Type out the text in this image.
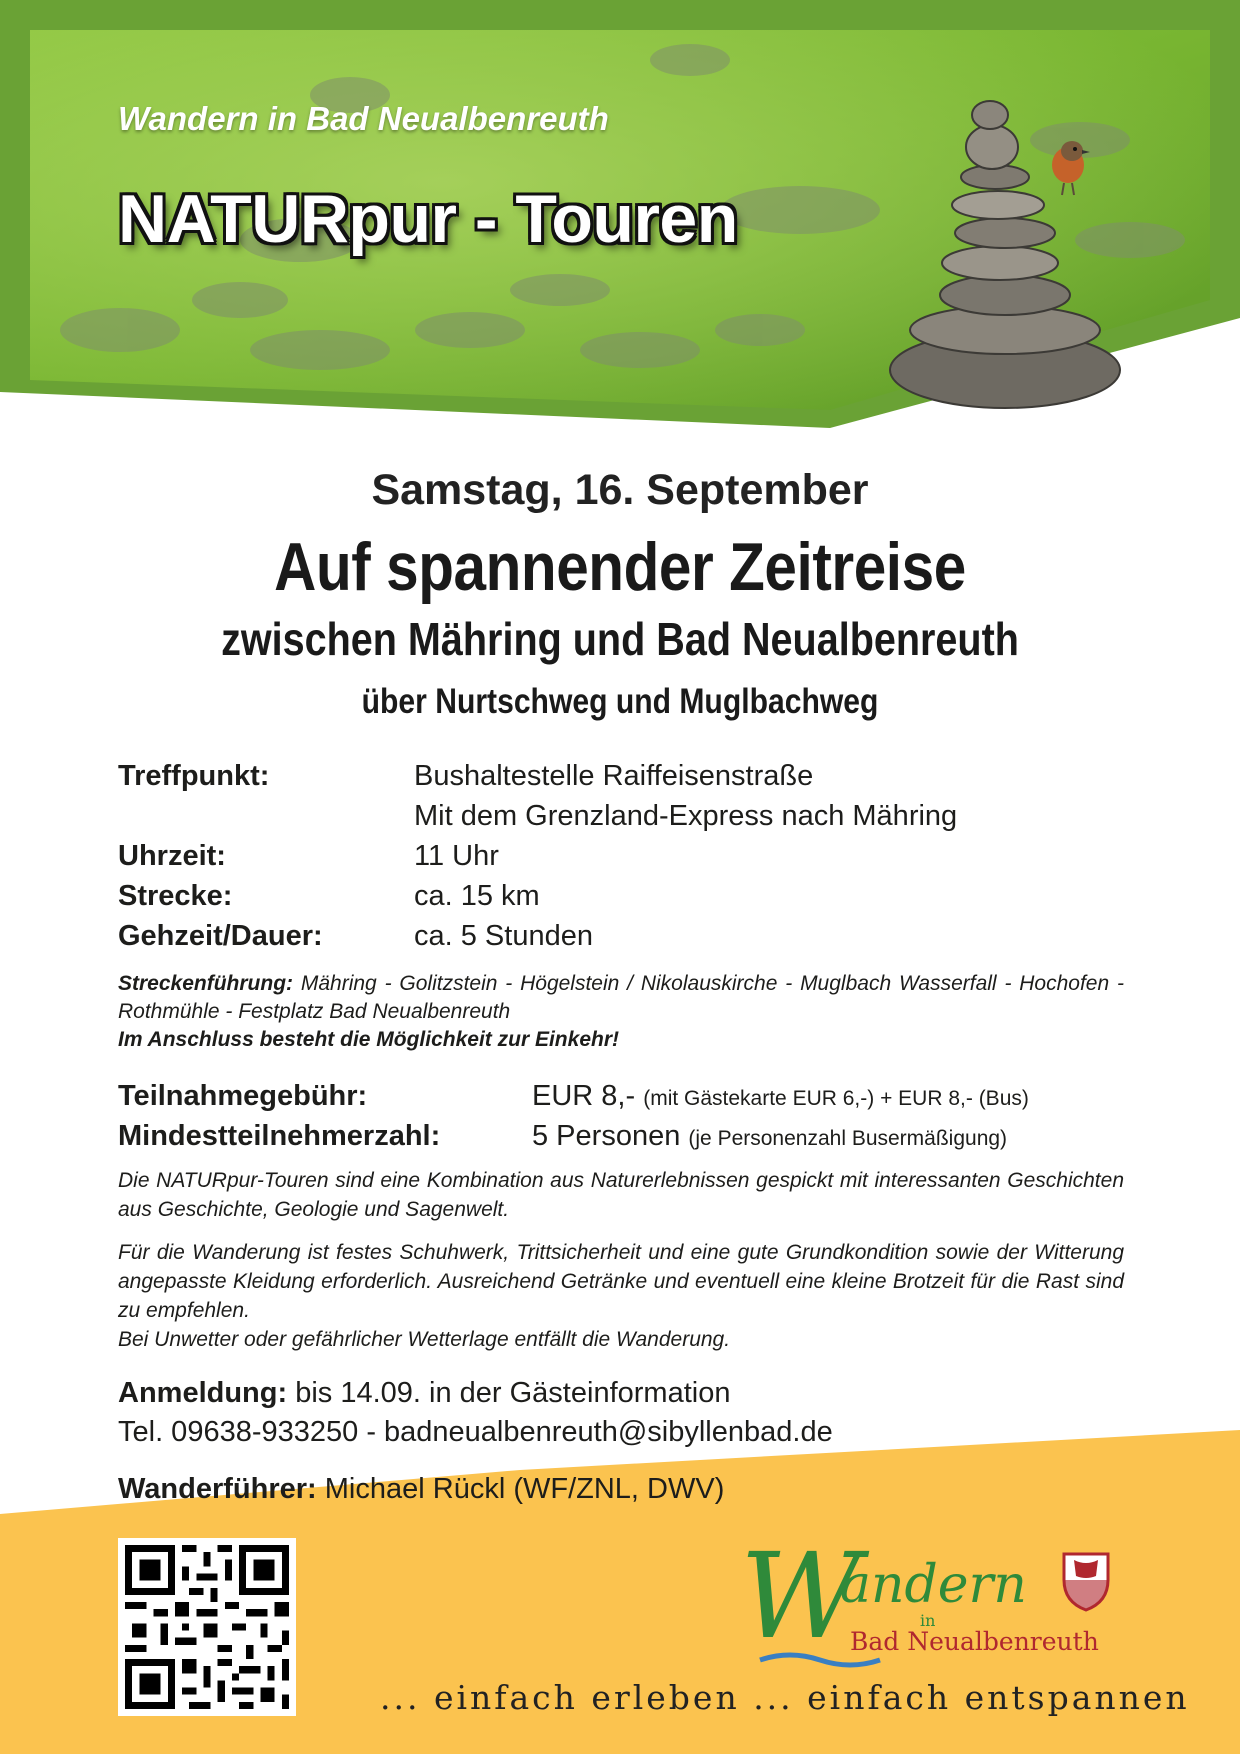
Wandern in Bad Neualbenreuth
NATURpur - Touren
Samstag, 16. September
Auf spannender Zeitreise
zwischen Mähring und Bad Neualbenreuth
über Nurtschweg und Muglbachweg
Treffpunkt:	Bushaltestelle Raiffeisenstraße
Mit dem Grenzland-Express nach Mähring
Uhrzeit:	11 Uhr
Strecke:	ca. 15 km
Gehzeit/Dauer:	ca. 5 Stunden
Streckenführung: Mähring - Golitzstein - Högelstein / Nikolauskirche - Muglbach Wasserfall - Hochofen - Rothmühle - Festplatz Bad Neualbenreuth
Im Anschluss besteht die Möglichkeit zur Einkehr!
Teilnahmegebühr:	EUR 8,- (mit Gästekarte EUR 6,-) + EUR 8,- (Bus)
Mindestteilnehmerzahl:	5 Personen (je Personenzahl Busermäßigung)
Die NATURpur-Touren sind eine Kombination aus Naturerlebnissen gespickt mit interessanten Geschichten aus Geschichte, Geologie und Sagenwelt.
Für die Wanderung ist festes Schuhwerk, Trittsicherheit und eine gute Grundkondition sowie der Witterung angepasste Kleidung erforderlich. Ausreichend Getränke und eventuell eine kleine Brotzeit für die Rast sind zu empfehlen.
Bei Unwetter oder gefährlicher Wetterlage entfällt die Wanderung.
Anmeldung: bis 14.09. in der Gästeinformation
Tel. 09638-933250 - badneualbenreuth@sibyllenbad.de
Wanderführer: Michael Rückl (WF/ZNL, DWV)
W
andern
in
Bad Neualbenreuth
... einfach erleben ... einfach entspannen
